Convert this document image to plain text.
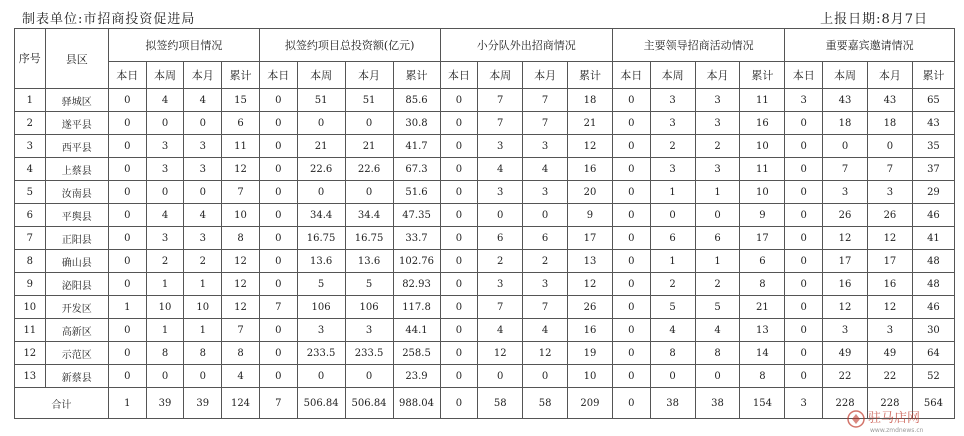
制表单位:市招商投资促进局	上报日期:8月7日
序号	县区	拟签约项目情况				拟签约项目总投资额(亿元)				小分队外出招商情况				主要领导招商活动情况				重要嘉宾邀请情况			
		本日	本周	本月	累计	本日	本周	本月	累计	本日	本周	本月	累计	本日	本周	本月	累计	本日	本周	本月	累计
1	驿城区	0	4	4	15	0	51	51	85.6	0	7	7	18	0	3	3	11	3	43	43	65
2	遂平县	0	0	0	6	0	0	0	30.8	0	7	7	21	0	3	3	16	0	18	18	43
3	西平县	0	3	3	11	0	21	21	41.7	0	3	3	12	0	2	2	10	0	0	0	35
4	上蔡县	0	3	3	12	0	22.6	22.6	67.3	0	4	4	16	0	3	3	11	0	7	7	37
5	汝南县	0	0	0	7	0	0	0	51.6	0	3	3	20	0	1	1	10	0	3	3	29
6	平舆县	0	4	4	10	0	34.4	34.4	47.35	0	0	0	9	0	0	0	9	0	26	26	46
7	正阳县	0	3	3	8	0	16.75	16.75	33.7	0	6	6	17	0	6	6	17	0	12	12	41
8	确山县	0	2	2	12	0	13.6	13.6	102.76	0	2	2	13	0	1	1	6	0	17	17	48
9	泌阳县	0	1	1	12	0	5	5	82.93	0	3	3	12	0	2	2	8	0	16	16	48
10	开发区	1	10	10	12	7	106	106	117.8	0	7	7	26	0	5	5	21	0	12	12	46
11	高新区	0	1	1	7	0	3	3	44.1	0	4	4	16	0	4	4	13	0	3	3	30
12	示范区	0	8	8	8	0	233.5	233.5	258.5	0	12	12	19	0	8	8	14	0	49	49	64
13	新蔡县	0	0	0	4	0	0	0	23.9	0	0	0	10	0	0	0	8	0	22	22	52
合计		1	39	39	124	7	506.84	506.84	988.04	0	58	58	209	0	38	38	154	3	228	228	564
驻马店网
www.zmdnews.cn
